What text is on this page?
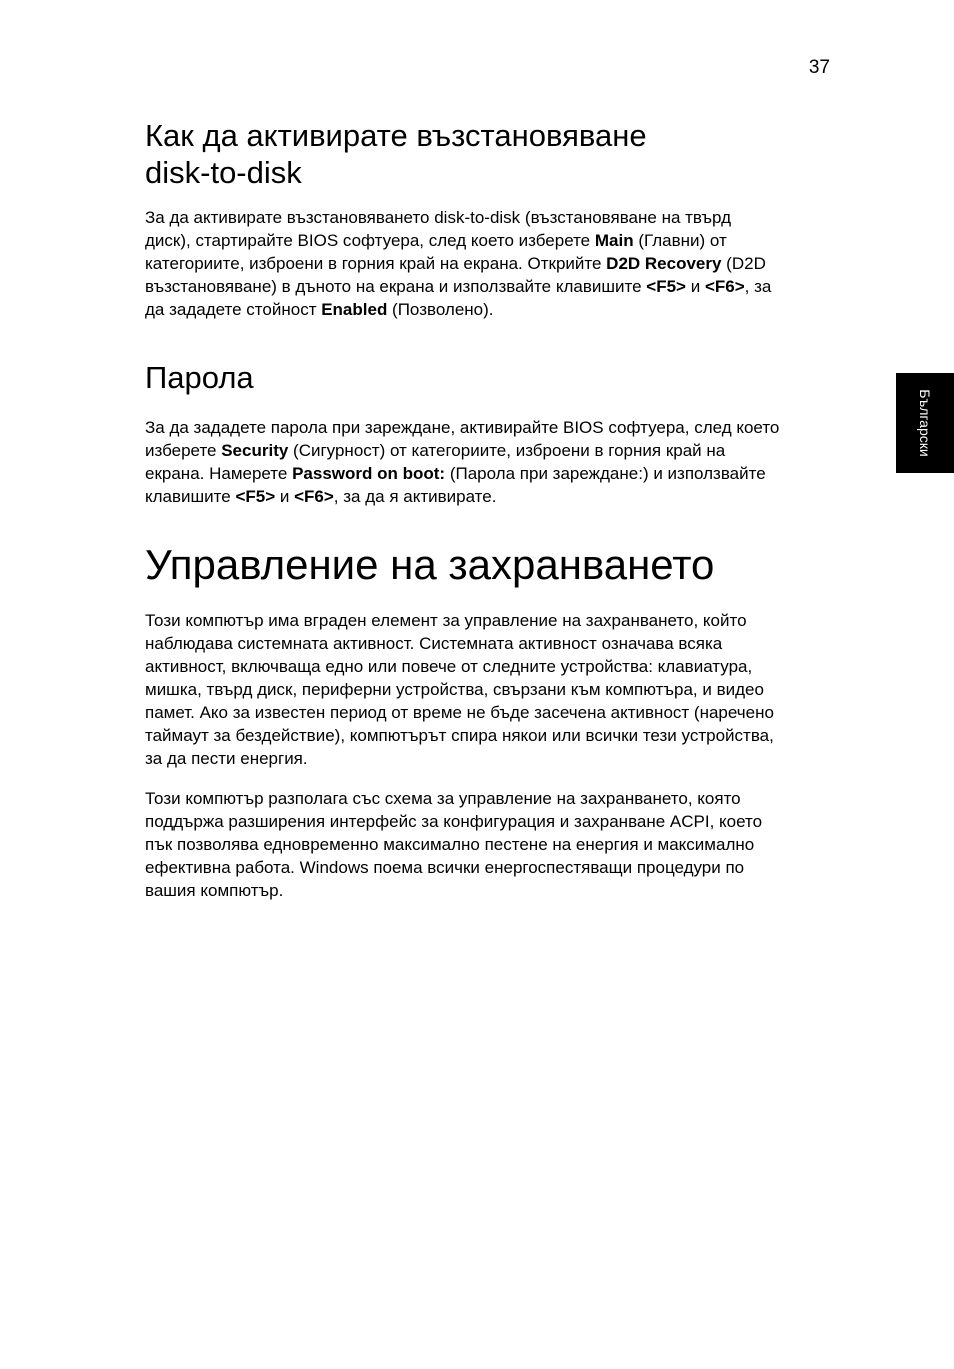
37
Български
Как да активирате възстановяване
disk-to-disk

За да активирате възстановяването disk-to-disk (възстановяване на твърд
диск), стартирайте BIOS софтуера, след което изберете Main (Главни) от
категориите, изброени в горния край на екрана. Открийте D2D Recovery (D2D
възстановяване) в дъното на екрана и използвайте клавишите <F5> и <F6>, за
да зададете стойност Enabled (Позволено).

Парола

За да зададете парола при зареждане, активирайте BIOS софтуера, след което
изберете Security (Сигурност) от категориите, изброени в горния край на
екрана. Намерете Password on boot: (Парола при зареждане:) и използвайте
клавишите <F5> и <F6>, за да я активирате.

Управление на захранването

Този компютър има вграден елемент за управление на захранването, който
наблюдава системната активност. Системната активност означава всяка
активност, включваща едно или повече от следните устройства: клавиатура,
мишка, твърд диск, периферни устройства, свързани към компютъра, и видео
памет. Ако за известен период от време не бъде засечена активност (наречено
таймаут за бездействие), компютърът спира някои или всички тези устройства,
за да пести енергия.

Този компютър разполага със схема за управление на захранването, която
поддържа разширения интерфейс за конфигурация и захранване ACPI, което
пък позволява едновременно максимално пестене на енергия и максимално
ефективна работа. Windows поема всички енергоспестяващи процедури по
вашия компютър.
